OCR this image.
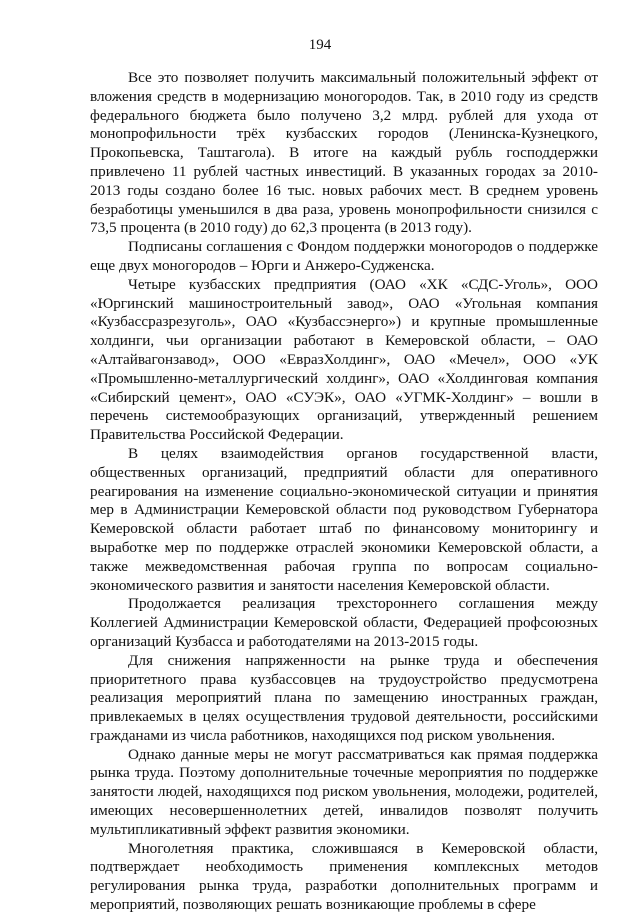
194

Все это позволяет получить максимальный положительный эффект от вложения средств в модернизацию моногородов. Так, в 2010 году из средств федерального бюджета было получено 3,2 млрд. рублей для ухода от монопрофильности трёх кузбасских городов (Ленинска-Кузнецкого, Прокопьевска, Таштагола). В итоге на каждый рубль господдержки привлечено 11 рублей частных инвестиций. В указанных городах за 2010-2013 годы создано более 16 тыс. новых рабочих мест. В среднем уровень безработицы уменьшился в два раза, уровень монопрофильности снизился с 73,5 процента (в 2010 году) до 62,3 процента (в 2013 году).

Подписаны соглашения с Фондом поддержки моногородов о поддержке еще двух моногородов – Юрги и Анжеро-Судженска.

Четыре кузбасских предприятия (ОАО «ХК «СДС-Уголь», ООО «Юргинский машиностроительный завод», ОАО «Угольная компания «Кузбассразрезуголь», ОАО «Кузбассэнерго») и крупные промышленные холдинги, чьи организации работают в Кемеровской области, – ОАО «Алтайвагонзавод», ООО «ЕвразХолдинг», ОАО «Мечел», ООО «УК «Промышленно-металлургический холдинг», ОАО «Холдинговая компания «Сибирский цемент», ОАО «СУЭК», ОАО «УГМК-Холдинг» – вошли в перечень системообразующих организаций, утвержденный решением Правительства Российской Федерации.

В целях взаимодействия органов государственной власти, общественных организаций, предприятий области для оперативного реагирования на изменение социально-экономической ситуации и принятия мер в Администрации Кемеровской области под руководством Губернатора Кемеровской области работает штаб по финансовому мониторингу и выработке мер по поддержке отраслей экономики Кемеровской области, а также межведомственная рабочая группа по вопросам социально-экономического развития и занятости населения Кемеровской области.

Продолжается реализация трехстороннего соглашения между Коллегией Администрации Кемеровской области, Федерацией профсоюзных организаций Кузбасса и работодателями на 2013-2015 годы.

Для снижения напряженности на рынке труда и обеспечения приоритетного права кузбассовцев на трудоустройство предусмотрена реализация мероприятий плана по замещению иностранных граждан, привлекаемых в целях осуществления трудовой деятельности, российскими гражданами из числа работников, находящихся под риском увольнения.

Однако данные меры не могут рассматриваться как прямая поддержка рынка труда. Поэтому дополнительные точечные мероприятия по поддержке занятости людей, находящихся под риском увольнения, молодежи, родителей, имеющих несовершеннолетних детей, инвалидов позволят получить мультипликативный эффект развития экономики.

Многолетняя практика, сложившаяся в Кемеровской области, подтверждает необходимость применения комплексных методов регулирования рынка труда, разработки дополнительных программ и мероприятий, позволяющих решать возникающие проблемы в сфере
